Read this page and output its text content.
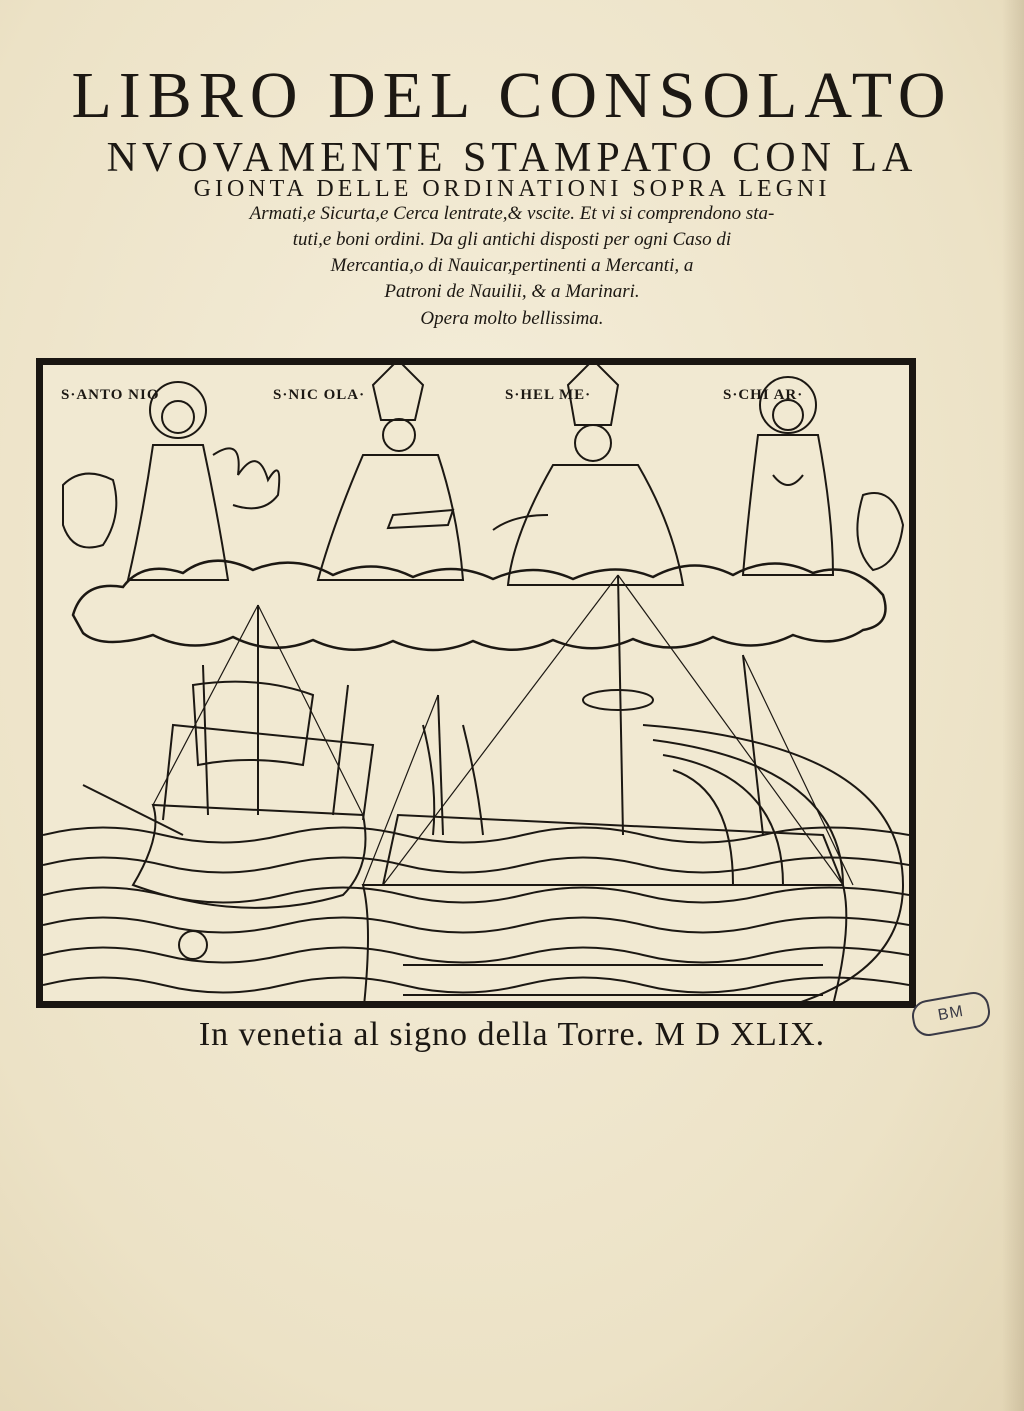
LIBRO DEL CONSOLATO
NVOVAMENTE STAMPATO CON LA
GIONTA DELLE ORDINATIONI SOPRA LEGNI
Armati,e Sicurta,e Cerca lentrate,& vscite. Et vi si comprendono sta-
tuti,e boni ordini. Da gli antichi disposti per ogni Caso di
Mercantia,o di Nauicar,pertinenti a Mercanti, a
Patroni de Nauilii, & a Marinari.
Opera molto bellissima.
S·ANTO NIO	S·NIC OLA·	S·HEL ME·	S·CHI AR·
In venetia al signo della Torre. M D XLIX.
BM
